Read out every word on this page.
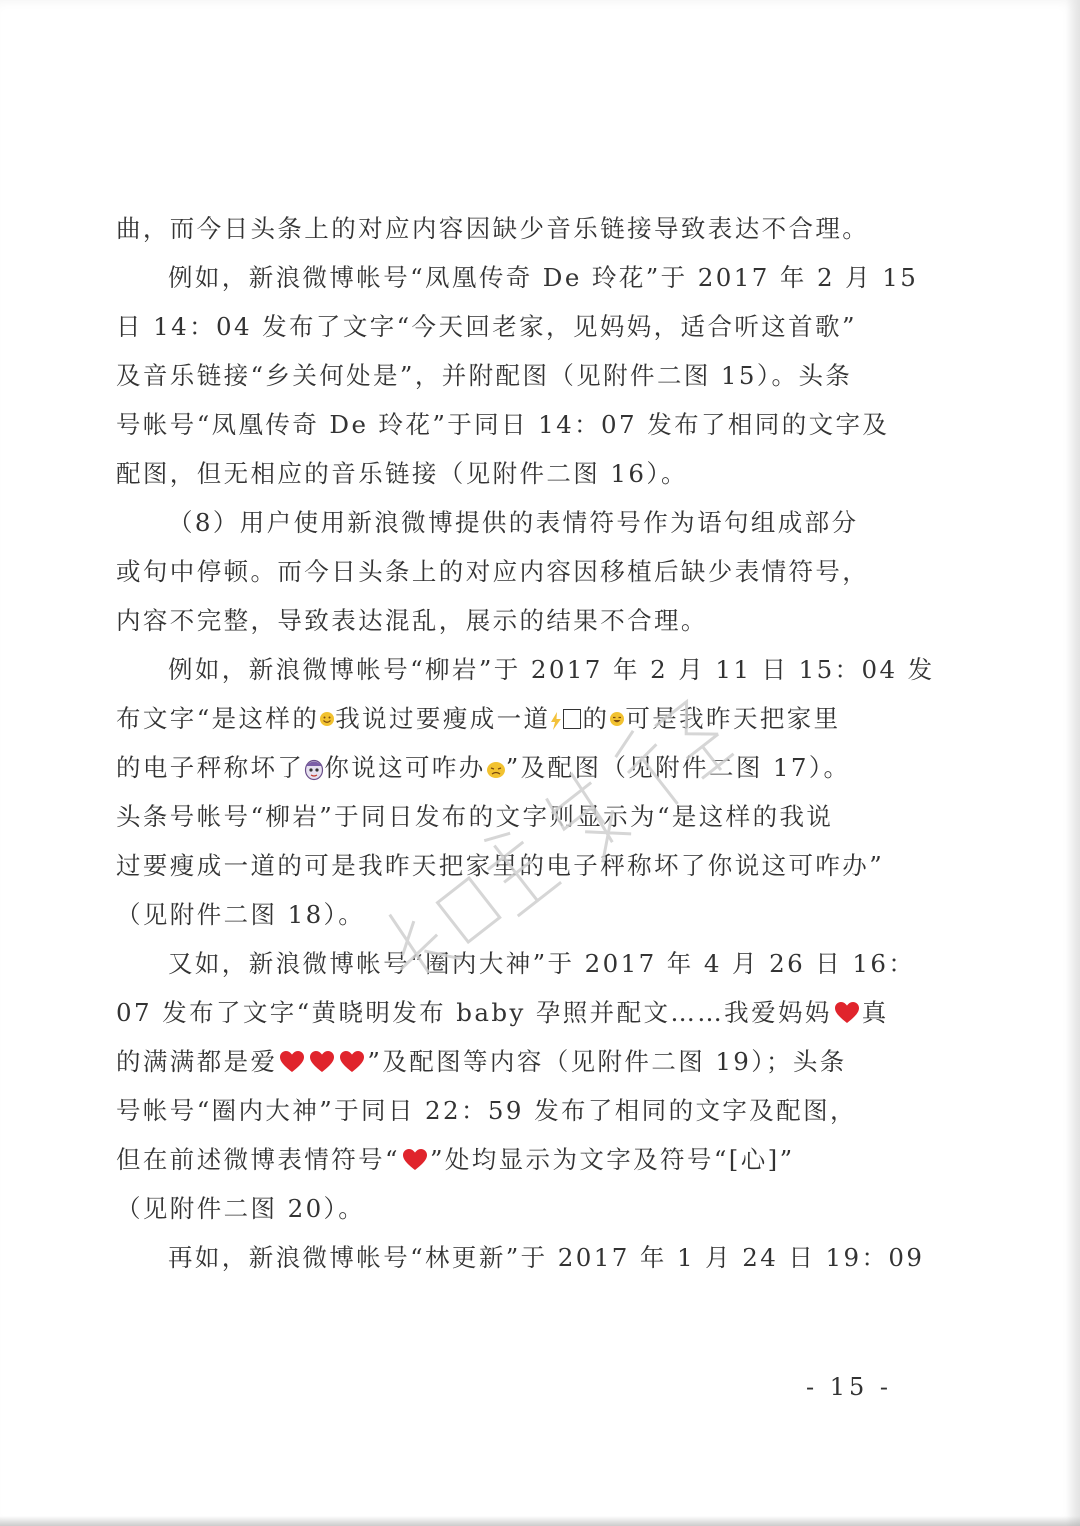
曲，而今日头条上的对应内容因缺少音乐链接导致表达不合理。
例如，新浪微博帐号“凤凰传奇 De 玲花”于 2017 年 2 月 15
日 14：04 发布了文字“今天回老家，见妈妈，适合听这首歌”
及音乐链接“乡关何处是”，并附配图（见附件二图 15）。头条
号帐号“凤凰传奇 De 玲花”于同日 14：07 发布了相同的文字及
配图，但无相应的音乐链接（见附件二图 16）。
（8）用户使用新浪微博提供的表情符号作为语句组成部分
或句中停顿。而今日头条上的对应内容因移植后缺少表情符号，
内容不完整，导致表达混乱，展示的结果不合理。
例如，新浪微博帐号“柳岩”于 2017 年 2 月 11 日 15：04 发
布文字“是这样的 我说过要瘦成一道 的 可是我昨天把家里
的电子秤称坏了 你说这可咋办 ”及配图（见附件二图 17）。
头条号帐号“柳岩”于同日发布的文字则显示为“是这样的我说
过要瘦成一道的可是我昨天把家里的电子秤称坏了你说这可咋办”
（见附件二图 18）。
又如，新浪微博帐号“圈内大神”于 2017 年 4 月 26 日 16：
07 发布了文字“黄晓明发布 baby 孕照并配文……我爱妈妈 真
的满满都是爱	”及配图等内容（见附件二图 19）；头条
号帐号“圈内大神”于同日 22：59 发布了相同的文字及配图，
但在前述微博表情符号“ ”处均显示为文字及符号“[心]”
（见附件二图 20）。
再如，新浪微博帐号“林更新”于 2017 年 1 月 24 日 19：09
- 15 -
